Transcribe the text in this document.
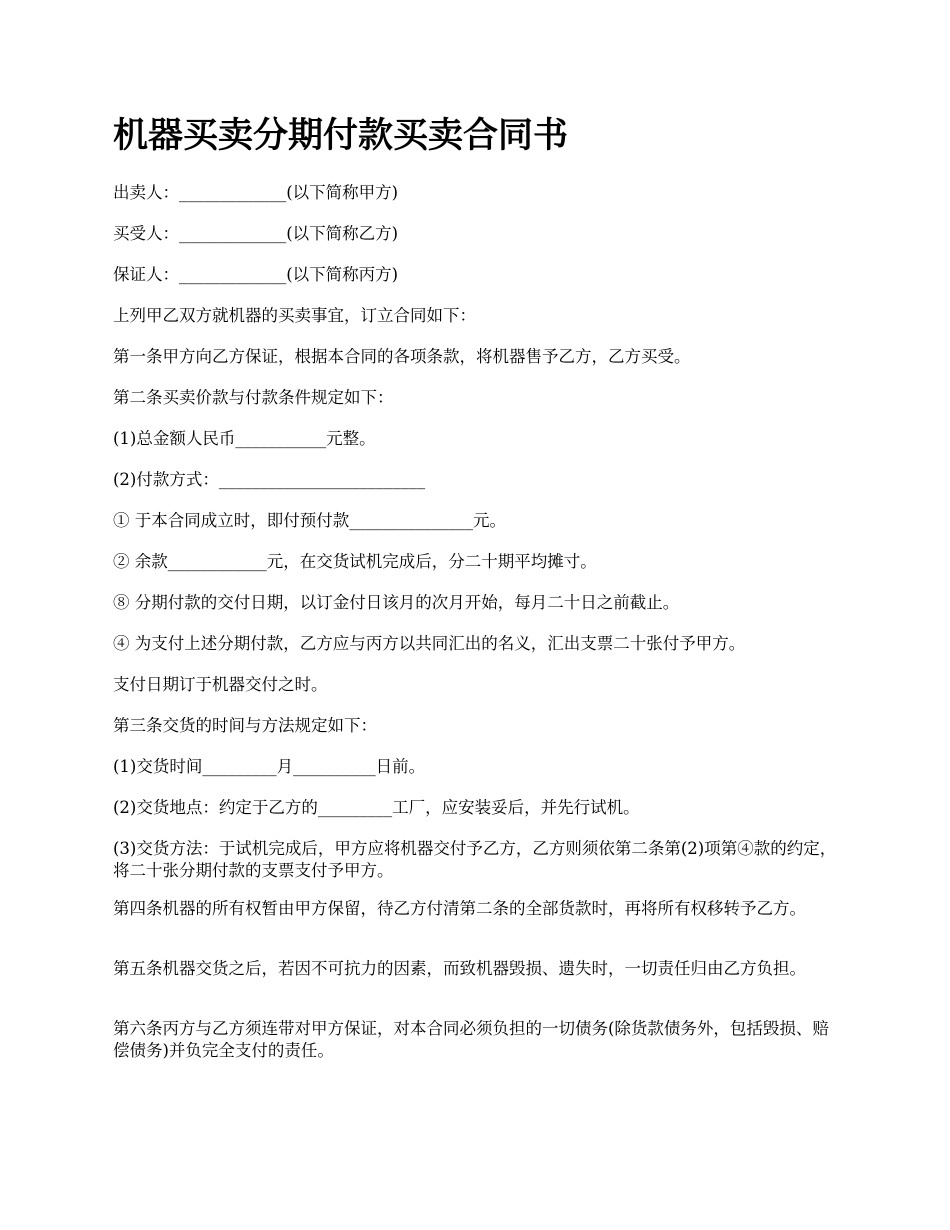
机器买卖分期付款买卖合同书

出卖人：_____________(以下简称甲方)

买受人：_____________(以下简称乙方)

保证人：_____________(以下简称丙方)

上列甲乙双方就机器的买卖事宜，订立合同如下：

第一条甲方向乙方保证，根据本合同的各项条款，将机器售予乙方，乙方买受。

第二条买卖价款与付款条件规定如下：

(1)总金额人民币___________元整。

(2)付款方式：_________________________

① 于本合同成立时，即付预付款_______________元。

② 余款____________元，在交货试机完成后，分二十期平均摊寸。

⑧ 分期付款的交付日期，以订金付日该月的次月开始，每月二十日之前截止。

④ 为支付上述分期付款，乙方应与丙方以共同汇出的名义，汇出支票二十张付予甲方。

支付日期订于机器交付之时。

第三条交货的时间与方法规定如下：

(1)交货时间_________月__________日前。

(2)交货地点：约定于乙方的_________工厂，应安装妥后，并先行试机。

(3)交货方法：于试机完成后，甲方应将机器交付予乙方，乙方则须依第二条第(2)项第④款的约定，将二十张分期付款的支票支付予甲方。

第四条机器的所有权暂由甲方保留，待乙方付清第二条的全部货款时，再将所有权移转予乙方。

第五条机器交货之后，若因不可抗力的因素，而致机器毁损、遗失时，一切责任归由乙方负担。

第六条丙方与乙方须连带对甲方保证，对本合同必须负担的一切债务(除货款债务外，包括毁损、赔偿债务)并负完全支付的责任。
